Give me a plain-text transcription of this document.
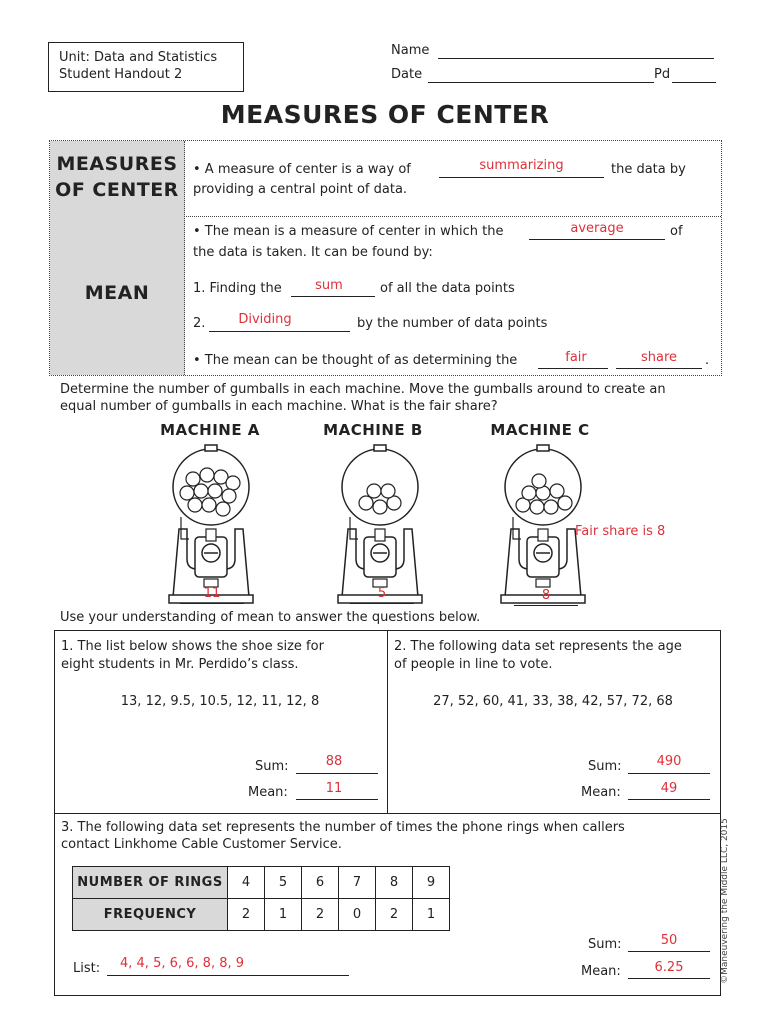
Unit: Data and Statistics
Student Handout 2
Name
Date	Pd
MEASURES OF CENTER
MEASURES
OF CENTER
MEAN
• A measure of center is a way of	summarizing	the data by
providing a central point of data.
• The mean is a measure of center in which the	average	of
the data is taken. It can be found by:
1. Finding the	sum	of all the data points
2.	Dividing	by the number of data points
• The mean can be thought of as determining the	fair	share	.
Determine the number of gumballs in each machine. Move the gumballs around to create an
equal number of gumballs in each machine. What is the fair share?
MACHINE A	MACHINE B	MACHINE C
11	5	8
Fair share is 8
Use your understanding of mean to answer the questions below.
1. The list below shows the shoe size for
eight students in Mr. Perdido’s class.
13, 12, 9.5, 10.5, 12, 11, 12, 8
Sum:	88
Mean:	11
2. The following data set represents the age
of people in line to vote.
27, 52, 60, 41, 33, 38, 42, 57, 72, 68
Sum:	490
Mean:	49
3. The following data set represents the number of times the phone rings when callers
contact Linkhome Cable Customer Service.
NUMBER OF RINGS	4	5	6	7	8	9
FREQUENCY	2	1	2	0	2	1
List: 4, 4, 5, 6, 6, 8, 8, 9
Sum:	50
Mean:	6.25	©Maneuvering the Middle LLC, 2015
